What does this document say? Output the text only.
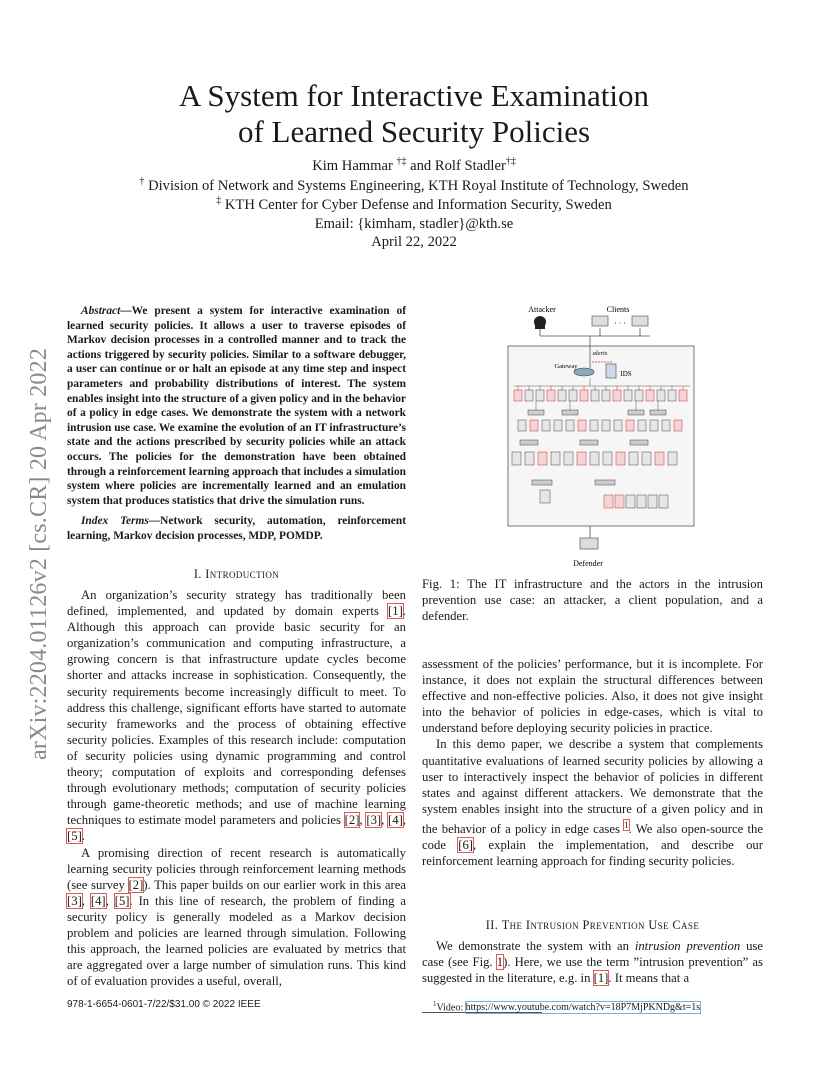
arXiv:2204.01126v2 [cs.CR] 20 Apr 2022
A System for Interactive Examination
of Learned Security Policies
Kim Hammar †‡ and Rolf Stadler†‡
† Division of Network and Systems Engineering, KTH Royal Institute of Technology, Sweden
‡ KTH Center for Cyber Defense and Information Security, Sweden
Email: {kimham, stadler}@kth.se
April 22, 2022
Abstract—We present a system for interactive examination of learned security policies. It allows a user to traverse episodes of Markov decision processes in a controlled manner and to track the actions triggered by security policies. Similar to a software debugger, a user can continue or or halt an episode at any time step and inspect parameters and probability distributions of interest. The system enables insight into the structure of a given policy and in the behavior of a policy in edge cases. We demonstrate the system with a network intrusion use case. We examine the evolution of an IT infrastructure’s state and the actions prescribed by security policies while an attack occurs. The policies for the demonstration have been obtained through a reinforcement learning approach that includes a simulation system where policies are incrementally learned and an emulation system that produces statistics that drive the simulation runs.
Index Terms—Network security, automation, reinforcement learning, Markov decision processes, MDP, POMDP.
I. Introduction

An organization’s security strategy has traditionally been defined, implemented, and updated by domain experts [1]. Although this approach can provide basic security for an organization’s communication and computing infrastructure, a growing concern is that infrastructure update cycles become shorter and attacks increase in sophistication. Consequently, the security requirements become increasingly difficult to meet. To address this challenge, significant efforts have started to automate security frameworks and the process of obtaining effective security policies. Examples of this research include: computation of security policies using dynamic programming and control theory; computation of exploits and corresponding defenses through evolutionary methods; computation of security policies through game-theoretic methods; and use of machine learning techniques to estimate model parameters and policies [2], [3], [4], [5].

A promising direction of recent research is automatically learning security policies through reinforcement learning methods (see survey [2]). This paper builds on our earlier work in this area [3], [4], [5]. In this line of research, the problem of finding a security policy is generally modeled as a Markov decision problem and policies are learned through simulation. Following this approach, the learned policies are evaluated by metrics that are aggregated over a large number of simulation runs. This kind of of evaluation provides a useful, overall,

Attacker	Clients
· · ·
alerts
Gateway
IDS
Defender
Fig. 1: The IT infrastructure and the actors in the intrusion prevention use case: an attacker, a client population, and a defender.

assessment of the policies’ performance, but it is incomplete. For instance, it does not explain the structural differences between effective and non-effective policies. Also, it does not give insight into the behavior of policies in edge-cases, which is vital to understand before deploying security policies in practice.

In this demo paper, we describe a system that complements quantitative evaluations of learned security policies by allowing a user to interactively inspect the behavior of policies in different states and against different attackers. We demonstrate that the system enables insight into the structure of a given policy and in the behavior of a policy in edge cases $^1$. We also open-source the code [6], explain the implementation, and describe our reinforcement learning approach for finding security policies.

II. The Intrusion Prevention Use Case

We demonstrate the system with an intrusion prevention use case (see Fig. 1). Here, we use the term ”intrusion prevention” as suggested in the literature, e.g. in [1]. It means that a

$^1$Video: https://www.youtube.com/watch?v=18P7MjPKNDg&t=1s
978-1-6654-0601-7/22/$31.00 © 2022 IEEE
